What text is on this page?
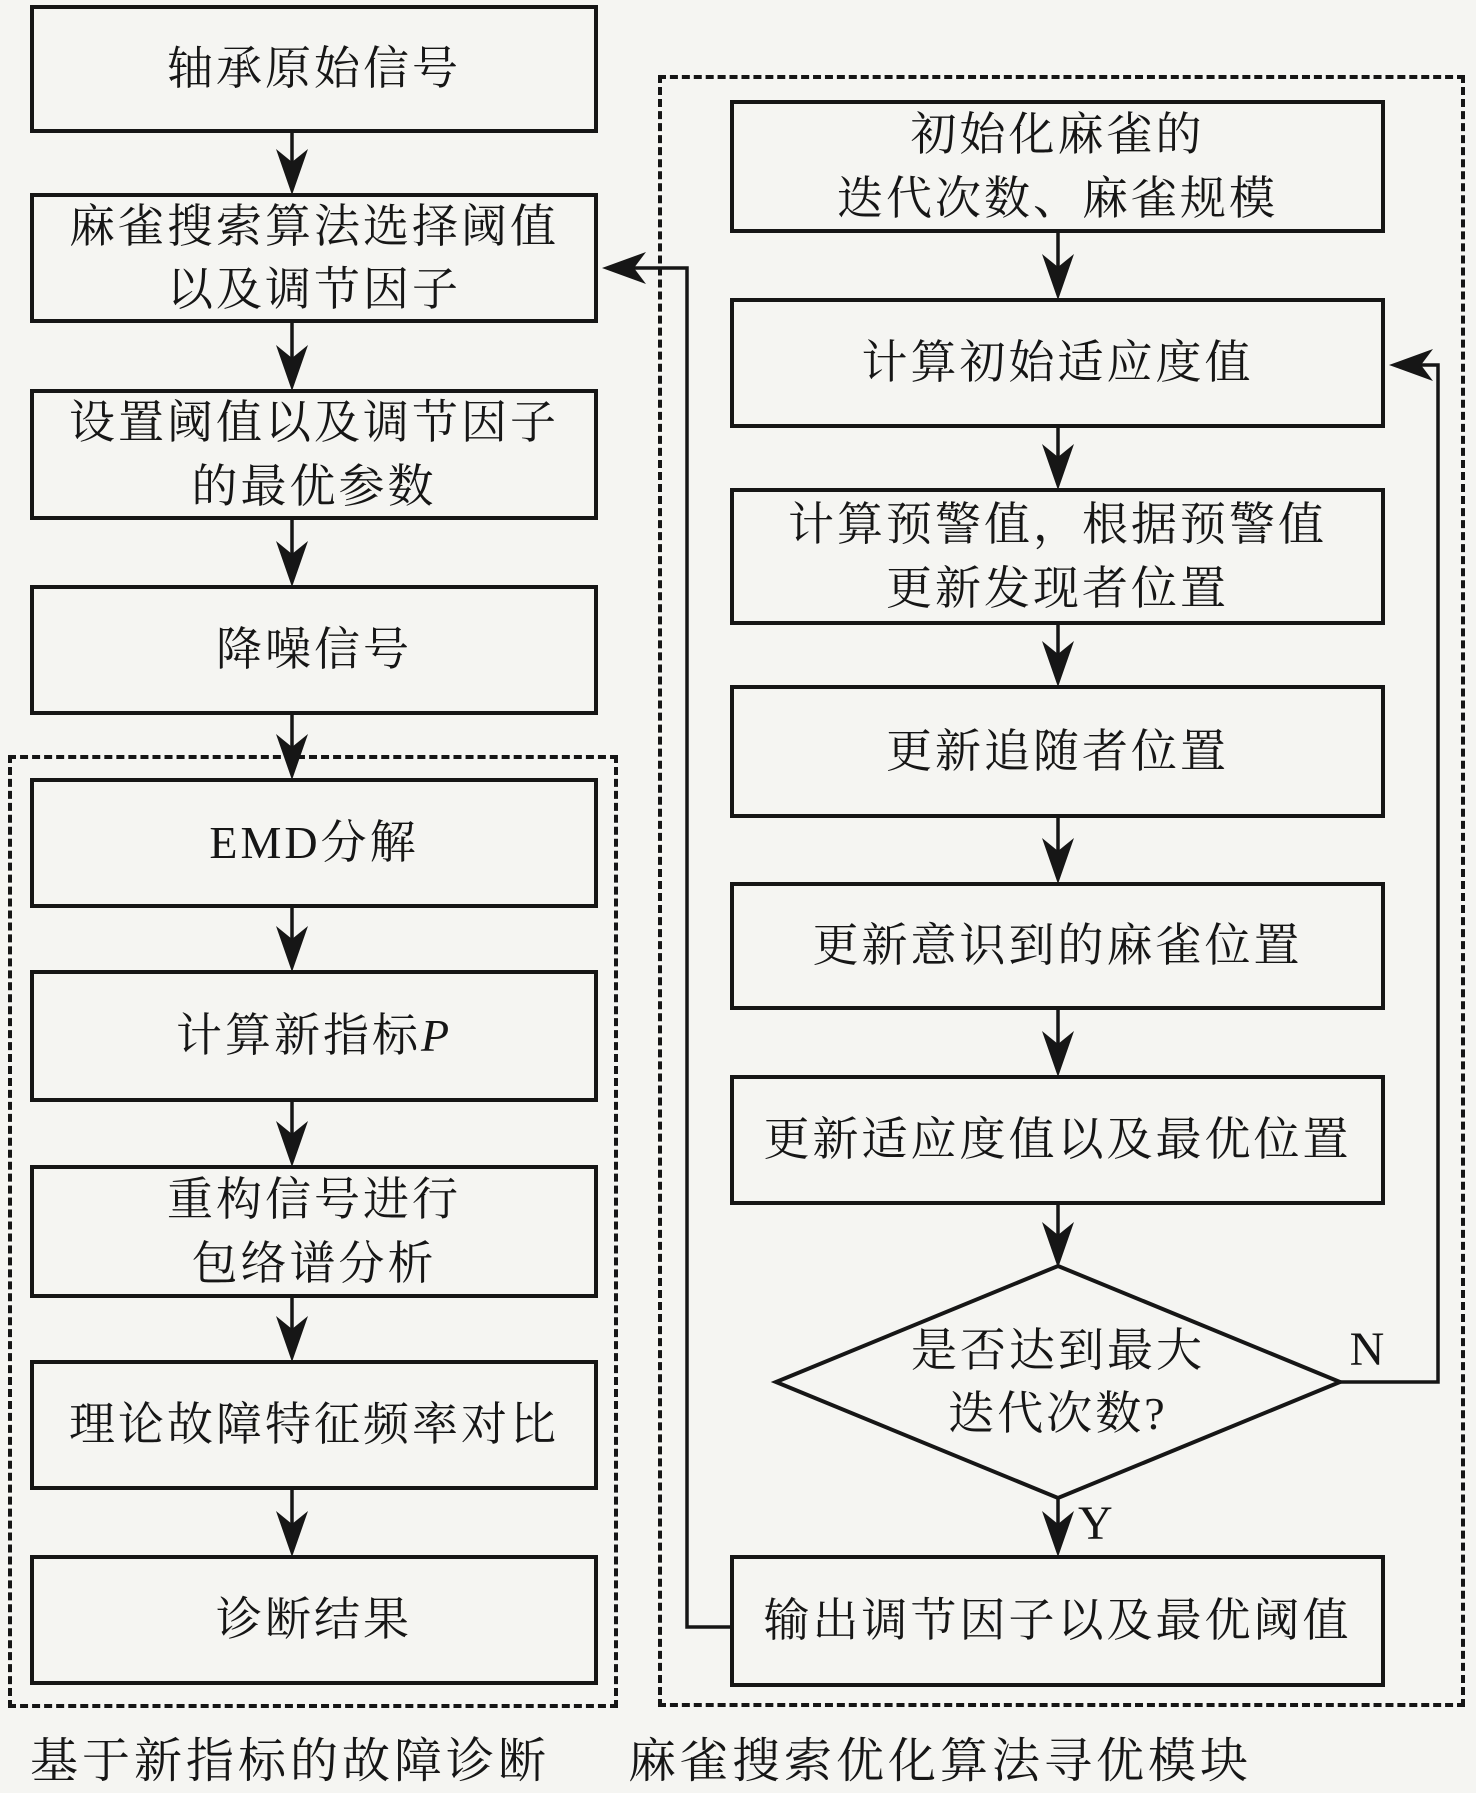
轴承原始信号
麻雀搜索算法选择阈值
以及调节因子
设置阈值以及调节因子
的最优参数
降噪信号
EMD分解
计算新指标P
重构信号进行
包络谱分析
理论故障特征频率对比
诊断结果
初始化麻雀的
迭代次数、麻雀规模
计算初始适应度值
计算预警值，根据预警值
更新发现者位置
更新追随者位置
更新意识到的麻雀位置
更新适应度值以及最优位置
是否达到最大
迭代次数?
N
Y
输出调节因子以及最优阈值
基于新指标的故障诊断	麻雀搜索优化算法寻优模块
